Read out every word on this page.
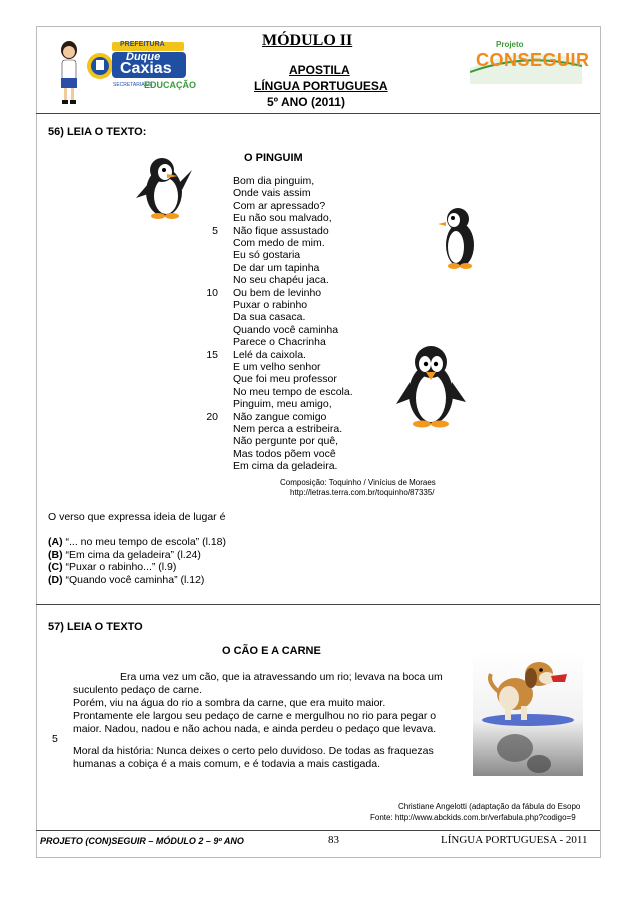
PREFEITURA
Duque
Caxias
SECRETARIA DE
EDUCAÇÃO
MÓDULO II
APOSTILA
LÍNGUA PORTUGUESA
5º ANO (2011)
Projeto
CONSEGUIR
56) LEIA O TEXTO:
O PINGUIM
Bom dia pinguim,
Onde vais assim
Com ar apressado?
Eu não sou malvado,
Não fique assustado
Com medo de mim.
Eu só gostaria
De dar um tapinha
No seu chapéu jaca.
Ou bem de levinho
Puxar o rabinho
Da sua casaca.
Quando você caminha
Parece o Chacrinha
Lelé da caixola.
E um velho senhor
Que foi meu professor
No meu tempo de escola.
Pinguim, meu amigo,
Não zangue comigo
Nem perca a estribeira.
Não pergunte por quê,
Mas todos põem você
Em cima da geladeira.
5
10
15
20
Composição: Toquinho / Vinícius de Moraes
http://letras.terra.com.br/toquinho/87335/
O verso que expressa ideia de lugar é
(A) “... no meu tempo de escola” (l.18)
(B) “Em cima da geladeira” (l.24)
(C) “Puxar o rabinho...” (l.9)
(D) “Quando você caminha” (l.12)
57) LEIA O TEXTO
O CÃO E A CARNE
Era uma vez um cão, que ia atravessando um rio; levava na boca um
suculento pedaço de carne.
Porém, viu na água do rio a sombra da carne, que era muito maior.
Prontamente ele largou seu pedaço de carne e mergulhou no rio para pegar o
maior. Nadou, nadou e não achou nada, e ainda perdeu o pedaço que levava.
5
Moral da história: Nunca deixes o certo pelo duvidoso. De todas as fraquezas
humanas a cobiça é a mais comum, e é todavia a mais castigada.
Christiane Angelotti (adaptação da fábula do Esopo
Fonte: http://www.abckids.com.br/verfabula.php?codigo=9
PROJETO (CON)SEGUIR – MÓDULO 2 – 9º ANO	83	LÍNGUA PORTUGUESA - 2011
